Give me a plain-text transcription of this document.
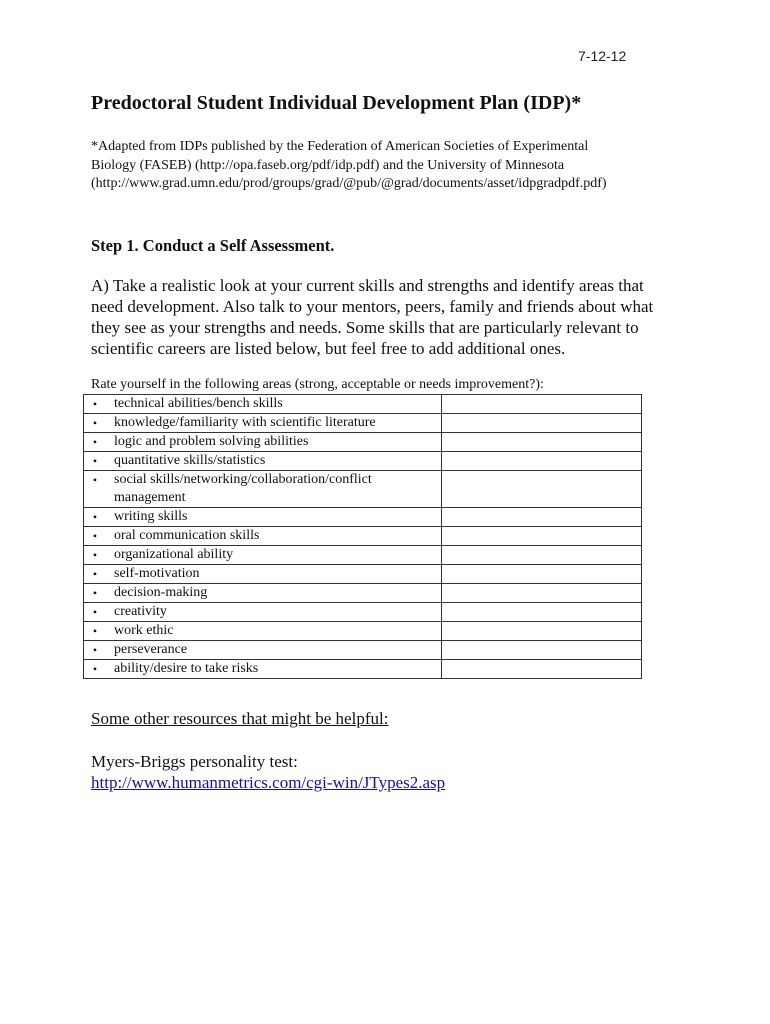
7-12-12
Predoctoral Student Individual Development Plan (IDP)*
*Adapted from IDPs published by the Federation of American Societies of Experimental
Biology (FASEB) (http://opa.faseb.org/pdf/idp.pdf) and the University of Minnesota
(http://www.grad.umn.edu/prod/groups/grad/@pub/@grad/documents/asset/idpgradpdf.pdf)
Step 1. Conduct a Self Assessment.
A) Take a realistic look at your current skills and strengths and identify areas that
need development. Also talk to your mentors, peers, family and friends about what
they see as your strengths and needs. Some skills that are particularly relevant to
scientific careers are listed below, but feel free to add additional ones.
Rate yourself in the following areas (strong, acceptable or needs improvement?):
• technical abilities/bench skills	

• knowledge/familiarity with scientific literature	

• logic and problem solving abilities	

• quantitative skills/statistics	

• social skills/networking/collaboration/conflict
management	

• writing skills	

• oral communication skills	

• organizational ability	

• self-motivation	

• decision-making	

• creativity	

• work ethic	

• perseverance	

• ability/desire to take risks	

Some other resources that might be helpful:
Myers-Briggs personality test:
http://www.humanmetrics.com/cgi-win/JTypes2.asp
